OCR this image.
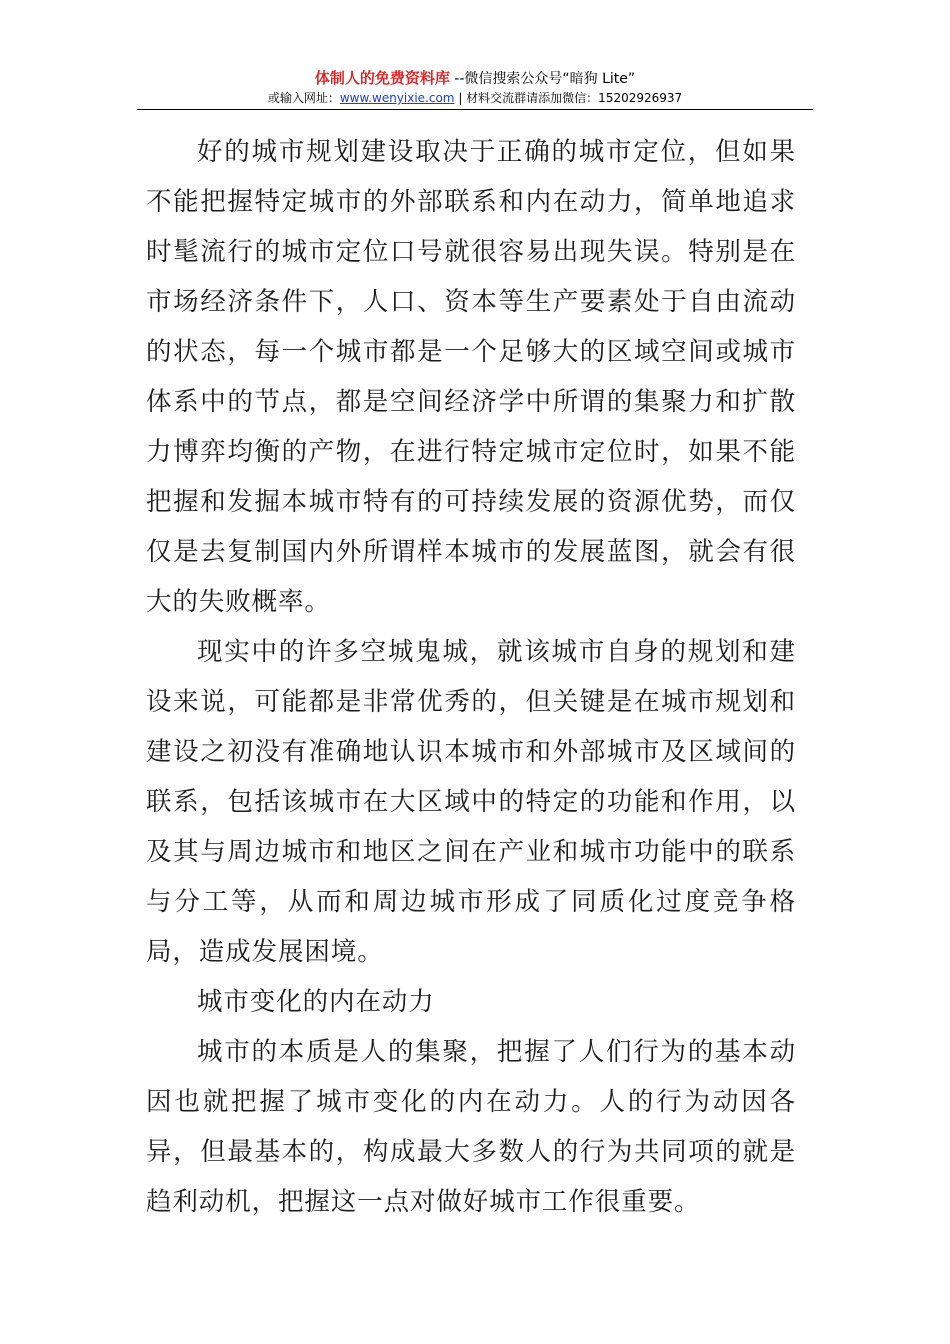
体制人的免费资料库 --微信搜索公众号“暗狗 Lite”
或输入网址：www.wenyixie.com | 材料交流群请添加微信：15202926937

好的城市规划建设取决于正确的城市定位，但如果不能把握特定城市的外部联系和内在动力，简单地追求时髦流行的城市定位口号就很容易出现失误。特别是在市场经济条件下，人口、资本等生产要素处于自由流动的状态，每一个城市都是一个足够大的区域空间或城市体系中的节点，都是空间经济学中所谓的集聚力和扩散力博弈均衡的产物，在进行特定城市定位时，如果不能把握和发掘本城市特有的可持续发展的资源优势，而仅仅是去复制国内外所谓样本城市的发展蓝图，就会有很大的失败概率。

现实中的许多空城鬼城，就该城市自身的规划和建设来说，可能都是非常优秀的，但关键是在城市规划和建设之初没有准确地认识本城市和外部城市及区域间的联系，包括该城市在大区域中的特定的功能和作用，以及其与周边城市和地区之间在产业和城市功能中的联系与分工等，从而和周边城市形成了同质化过度竞争格局，造成发展困境。

城市变化的内在动力

城市的本质是人的集聚，把握了人们行为的基本动因也就把握了城市变化的内在动力。人的行为动因各异，但最基本的，构成最大多数人的行为共同项的就是趋利动机，把握这一点对做好城市工作很重要。
